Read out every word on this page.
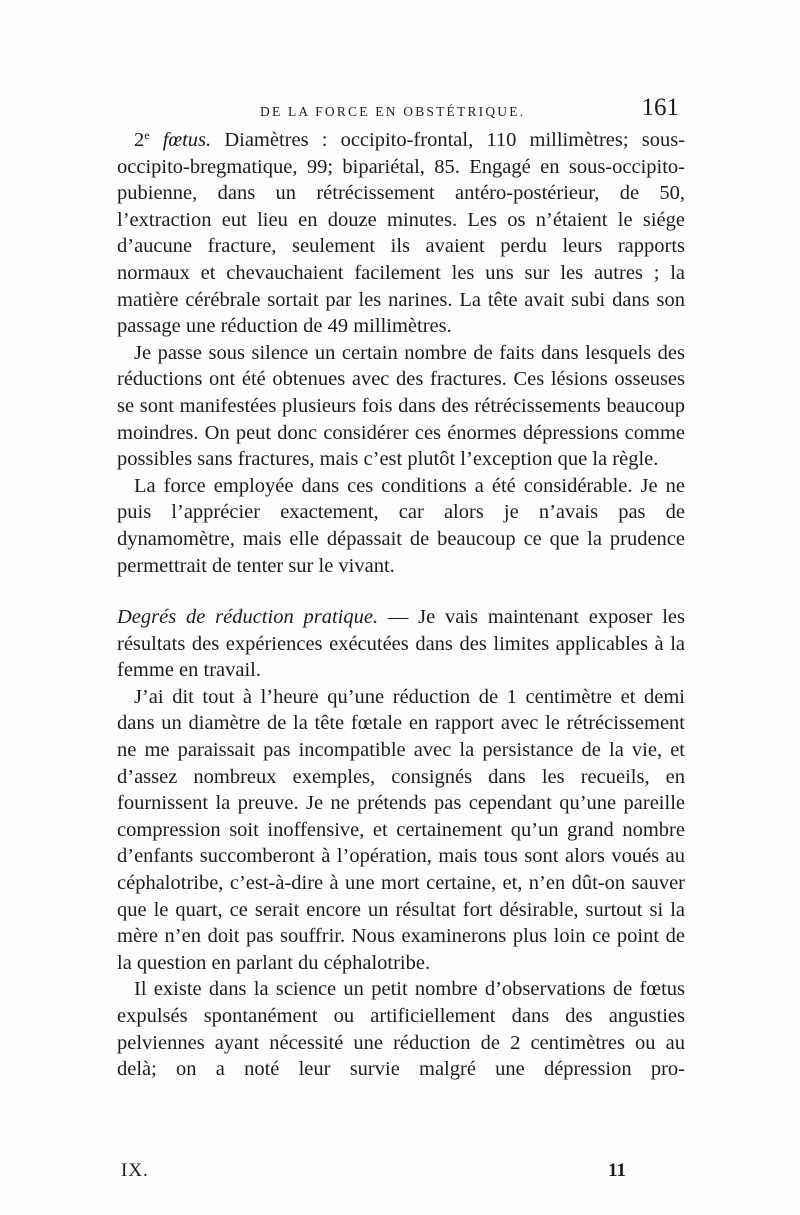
DE LA FORCE EN OBSTÉTRIQUE.	161

2e fœtus. Diamètres : occipito-frontal, 110 millimètres; sous-occipito-bregmatique, 99; bipariétal, 85. Engagé en sous-occipito-pubienne, dans un rétrécissement antéro-postérieur, de 50, l’extraction eut lieu en douze minutes. Les os n’étaient le siége d’aucune fracture, seulement ils avaient perdu leurs rapports normaux et chevauchaient facilement les uns sur les autres ; la matière cérébrale sortait par les narines. La tête avait subi dans son passage une réduction de 49 millimètres.

Je passe sous silence un certain nombre de faits dans lesquels des réductions ont été obtenues avec des fractures. Ces lésions osseuses se sont manifestées plusieurs fois dans des rétrécissements beaucoup moindres. On peut donc considérer ces énormes dépressions comme possibles sans fractures, mais c’est plutôt l’exception que la règle.

La force employée dans ces conditions a été considérable. Je ne puis l’apprécier exactement, car alors je n’avais pas de dynamomètre, mais elle dépassait de beaucoup ce que la prudence permettrait de tenter sur le vivant.

Degrés de réduction pratique. — Je vais maintenant exposer les résultats des expériences exécutées dans des limites applicables à la femme en travail.

J’ai dit tout à l’heure qu’une réduction de 1 centimètre et demi dans un diamètre de la tête fœtale en rapport avec le rétrécissement ne me paraissait pas incompatible avec la persistance de la vie, et d’assez nombreux exemples, consignés dans les recueils, en fournissent la preuve. Je ne prétends pas cependant qu’une pareille compression soit inoffensive, et certainement qu’un grand nombre d’enfants succomberont à l’opération, mais tous sont alors voués au céphalotribe, c’est-à-dire à une mort certaine, et, n’en dût-on sauver que le quart, ce serait encore un résultat fort désirable, surtout si la mère n’en doit pas souffrir. Nous examinerons plus loin ce point de la question en parlant du céphalotribe.

Il existe dans la science un petit nombre d’observations de fœtus expulsés spontanément ou artificiellement dans des angusties pelviennes ayant nécessité une réduction de 2 centimètres ou au delà; on a noté leur survie malgré une dépression pro-

IX.	11
